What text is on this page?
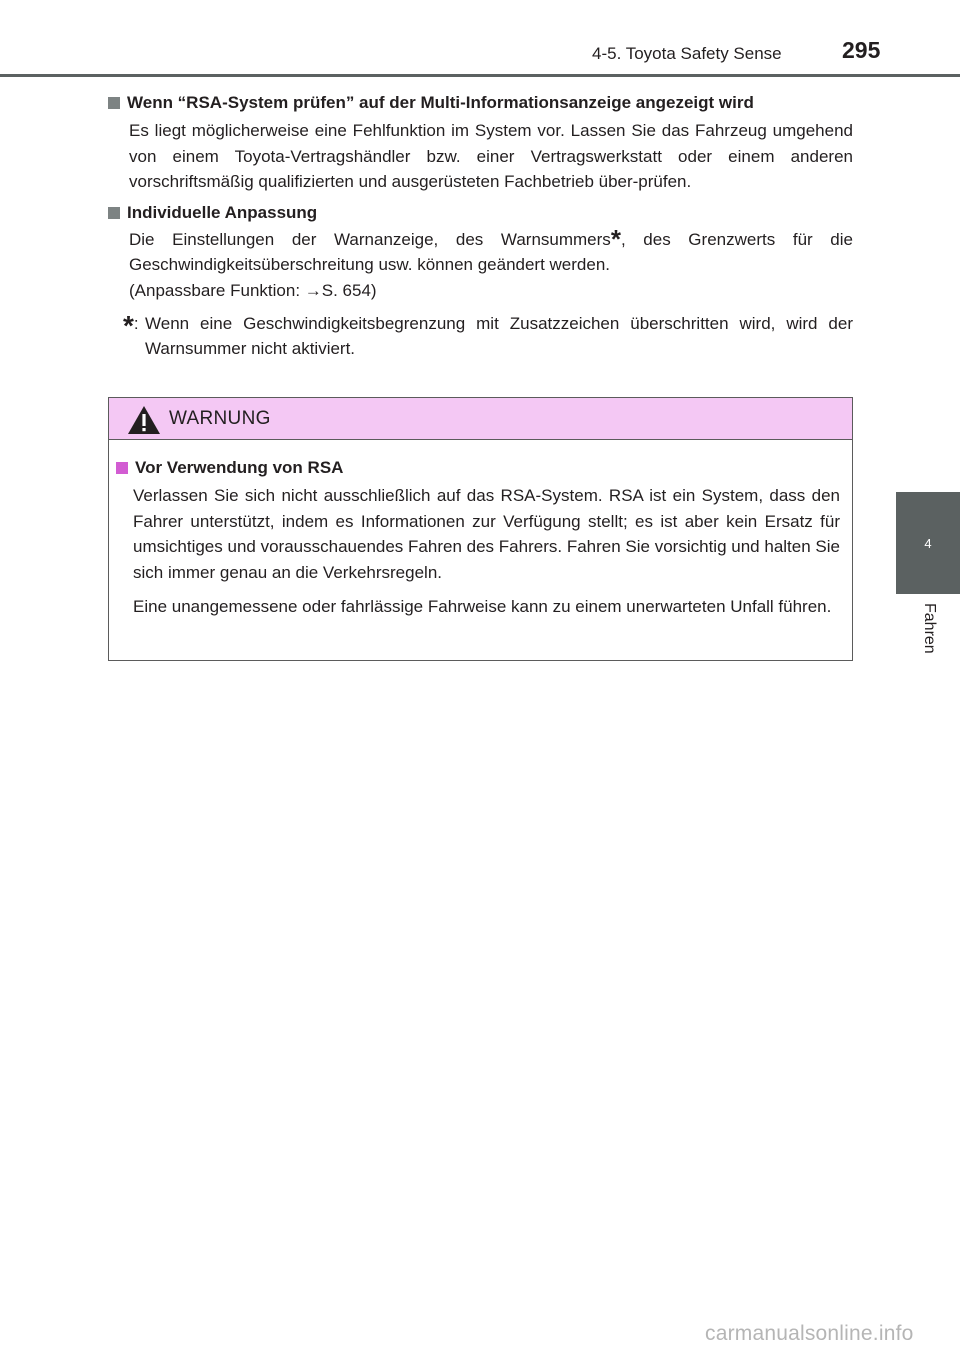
4-5. Toyota Safety Sense	295
4
Fahren
Wenn “RSA-System prüfen” auf der Multi-Informationsanzeige angezeigt wird

Es liegt möglicherweise eine Fehlfunktion im System vor. Lassen Sie das Fahrzeug umgehend von einem Toyota-Vertragshändler bzw. einer Vertragswerkstatt oder einem anderen vorschriftsmäßig qualifizierten und ausgerüsteten Fachbetrieb über-prüfen.

Individuelle Anpassung

Die Einstellungen der Warnanzeige, des Warnsummers*, des Grenzwerts für die Geschwindigkeitsüberschreitung usw. können geändert werden.

(Anpassbare Funktion: →S. 654)

*: Wenn eine Geschwindigkeitsbegrenzung mit Zusatzzeichen überschritten wird, wird der Warnsummer nicht aktiviert.
WARNUNG
Vor Verwendung von RSA

Verlassen Sie sich nicht ausschließlich auf das RSA-System. RSA ist ein System, dass den Fahrer unterstützt, indem es Informationen zur Verfügung stellt; es ist aber kein Ersatz für umsichtiges und vorausschauendes Fahren des Fahrers. Fahren Sie vorsichtig und halten Sie sich immer genau an die Verkehrsregeln.

Eine unangemessene oder fahrlässige Fahrweise kann zu einem unerwarteten Unfall führen.

carmanualsonline.info
